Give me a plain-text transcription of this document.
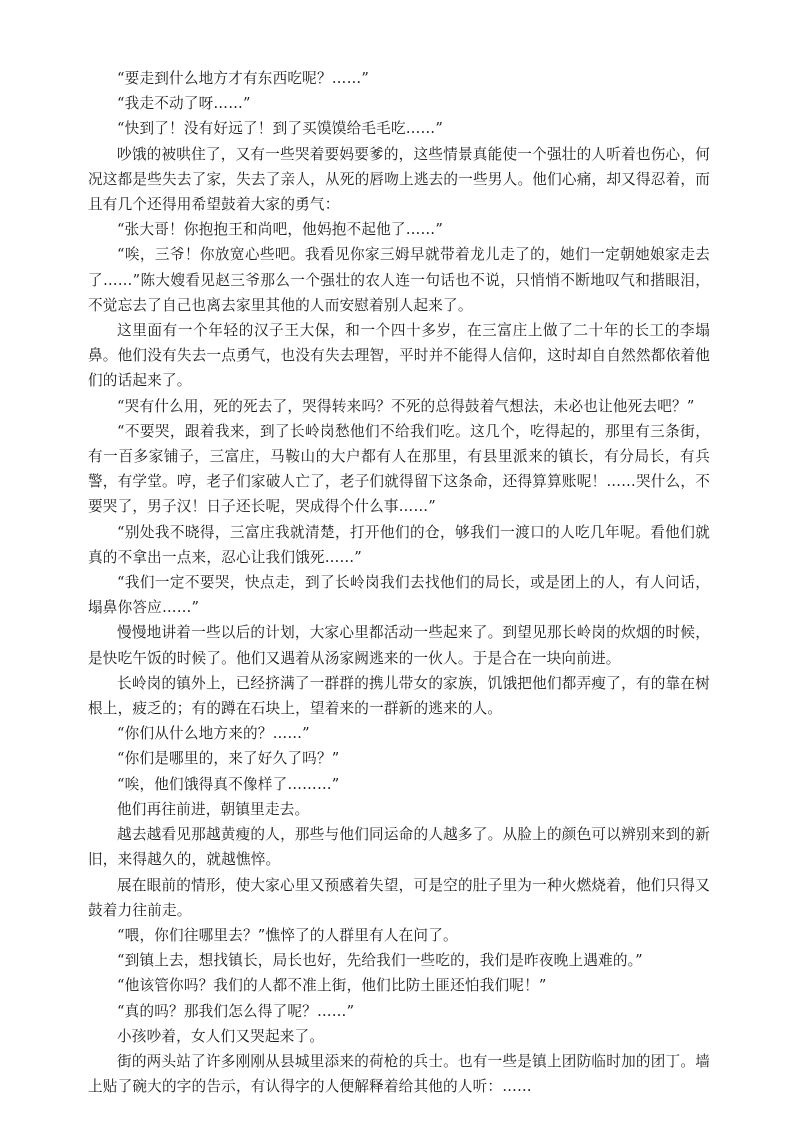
“要走到什么地方才有东西吃呢？……”

“我走不动了呀……”

“快到了！没有好远了！到了买馍馍给毛毛吃……”

吵饿的被哄住了，又有一些哭着要妈要爹的，这些情景真能使一个强壮的人听着也伤心，何况这都是些失去了家，失去了亲人，从死的唇吻上逃去的一些男人。他们心痛，却又得忍着，而且有几个还得用希望鼓着大家的勇气：

“张大哥！你抱抱王和尚吧，他妈抱不起他了……”

“唉，三爷！你放宽心些吧。我看见你家三姆早就带着龙儿走了的，她们一定朝她娘家走去了……”陈大嫂看见赵三爷那么一个强壮的农人连一句话也不说，只悄悄不断地叹气和揩眼泪，不觉忘去了自己也离去家里其他的人而安慰着别人起来了。

这里面有一个年轻的汉子王大保，和一个四十多岁，在三富庄上做了二十年的长工的李塌鼻。他们没有失去一点勇气，也没有失去理智，平时并不能得人信仰，这时却自自然然都依着他们的话起来了。

“哭有什么用，死的死去了，哭得转来吗？不死的总得鼓着气想法，未必也让他死去吧？”

“不要哭，跟着我来，到了长岭岗愁他们不给我们吃。这几个，吃得起的，那里有三条街，有一百多家铺子，三富庄，马鞍山的大户都有人在那里，有县里派来的镇长，有分局长，有兵警，有学堂。哼，老子们家破人亡了，老子们就得留下这条命，还得算算账呢！……哭什么，不要哭了，男子汉！日子还长呢，哭成得个什么事……”

“别处我不晓得，三富庄我就清楚，打开他们的仓，够我们一渡口的人吃几年呢。看他们就真的不拿出一点来，忍心让我们饿死……”

“我们一定不要哭，快点走，到了长岭岗我们去找他们的局长，或是团上的人，有人问话，塌鼻你答应……”

慢慢地讲着一些以后的计划，大家心里都活动一些起来了。到望见那长岭岗的炊烟的时候，是快吃午饭的时候了。他们又遇着从汤家阙逃来的一伙人。于是合在一块向前进。

长岭岗的镇外上，已经挤满了一群群的携儿带女的家族，饥饿把他们都弄瘦了，有的靠在树根上，疲乏的；有的蹲在石块上，望着来的一群新的逃来的人。

“你们从什么地方来的？……”

“你们是哪里的，来了好久了吗？”

“唉，他们饿得真不像样了………”

他们再往前进，朝镇里走去。

越去越看见那越黄瘦的人，那些与他们同运命的人越多了。从脸上的颜色可以辨别来到的新旧，来得越久的，就越憔悴。

展在眼前的情形，使大家心里又预感着失望，可是空的肚子里为一种火燃烧着，他们只得又鼓着力往前走。

“喂，你们往哪里去？”憔悴了的人群里有人在问了。

“到镇上去，想找镇长，局长也好，先给我们一些吃的，我们是昨夜晚上遇难的。”

“他该管你吗？我们的人都不准上街，他们比防土匪还怕我们呢！”

“真的吗？那我们怎么得了呢？……”

小孩吵着，女人们又哭起来了。

街的两头站了许多刚刚从县城里添来的荷枪的兵士。也有一些是镇上团防临时加的团丁。墙上贴了碗大的字的告示，有认得字的人便解释着给其他的人听：……
